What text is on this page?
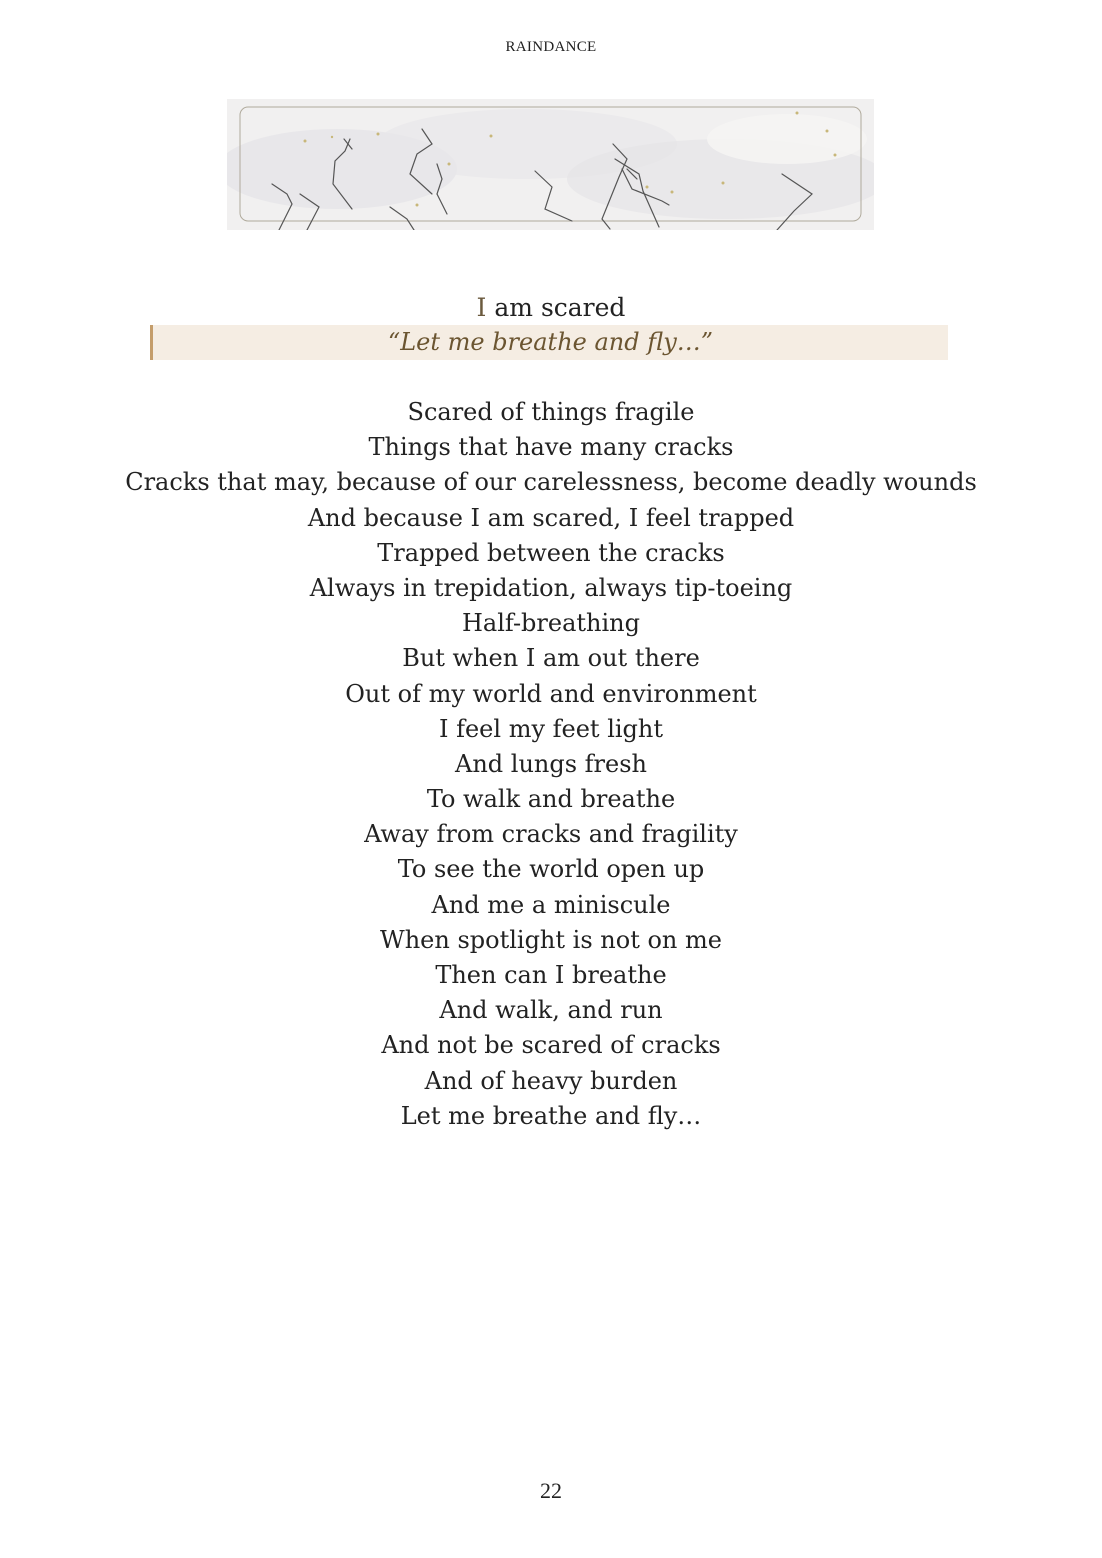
RAINDANCE
I am scared
“Let me breathe and fly…”
Scared of things fragile
Things that have many cracks
Cracks that may, because of our carelessness, become deadly wounds
And because I am scared, I feel trapped
Trapped between the cracks
Always in trepidation, always tip-toeing
Half-breathing
But when I am out there
Out of my world and environment
I feel my feet light
And lungs fresh
To walk and breathe
Away from cracks and fragility
To see the world open up
And me a miniscule
When spotlight is not on me
Then can I breathe
And walk, and run
And not be scared of cracks
And of heavy burden
Let me breathe and fly…
22
